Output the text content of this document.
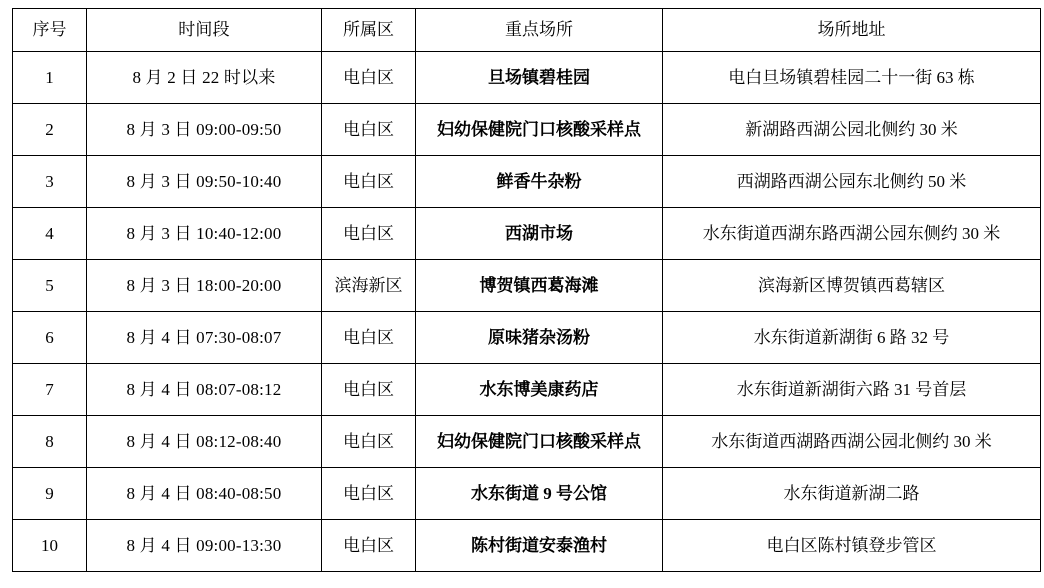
序号	时间段	所属区	重点场所	场所地址
1	8 月 2 日 22 时以来	电白区	旦场镇碧桂园	电白旦场镇碧桂园二十一街 63 栋
2	8 月 3 日 09:00-09:50	电白区	妇幼保健院门口核酸采样点	新湖路西湖公园北侧约 30 米
3	8 月 3 日 09:50-10:40	电白区	鲜香牛杂粉	西湖路西湖公园东北侧约 50 米
4	8 月 3 日 10:40-12:00	电白区	西湖市场	水东街道西湖东路西湖公园东侧约 30 米
5	8 月 3 日 18:00-20:00	滨海新区	博贺镇西葛海滩	滨海新区博贺镇西葛辖区
6	8 月 4 日 07:30-08:07	电白区	原味猪杂汤粉	水东街道新湖街 6 路 32 号
7	8 月 4 日 08:07-08:12	电白区	水东博美康药店	水东街道新湖街六路 31 号首层
8	8 月 4 日 08:12-08:40	电白区	妇幼保健院门口核酸采样点	水东街道西湖路西湖公园北侧约 30 米
9	8 月 4 日 08:40-08:50	电白区	水东街道 9 号公馆	水东街道新湖二路
10	8 月 4 日 09:00-13:30	电白区	陈村街道安泰渔村	电白区陈村镇登步管区
